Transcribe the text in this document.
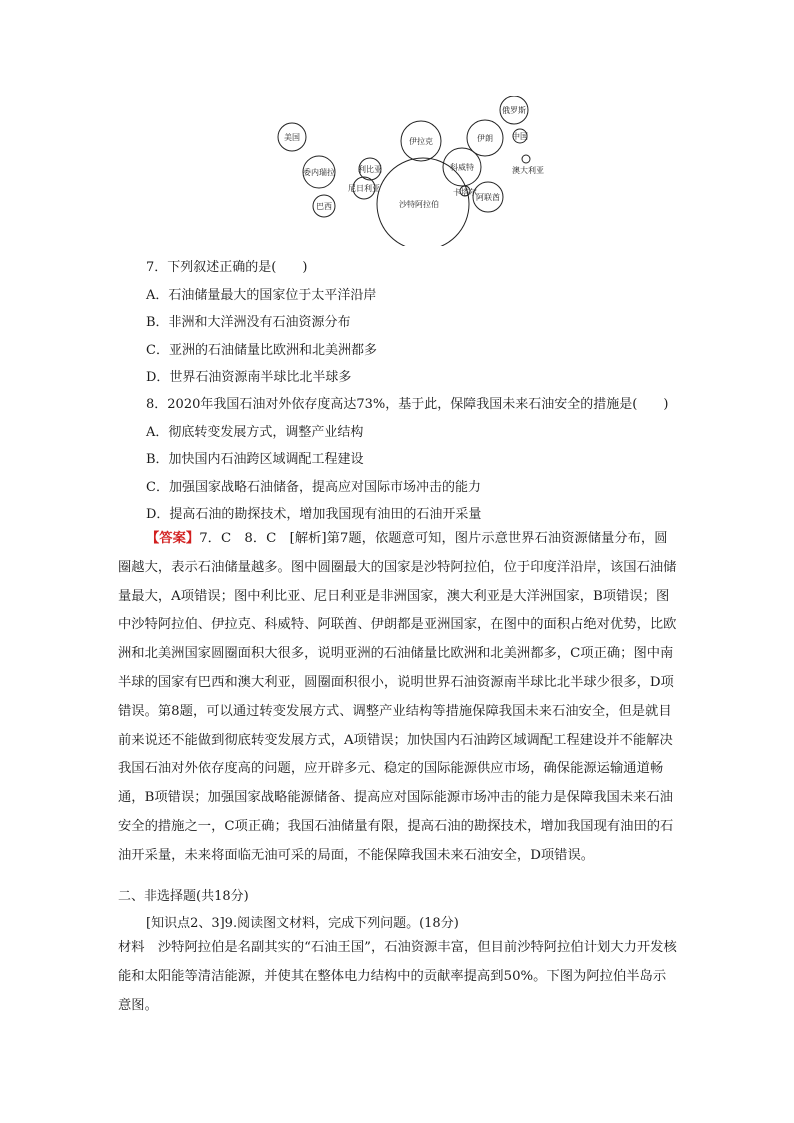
美国
委内瑞拉
巴西
利比亚
尼日利亚
伊拉克
科威特
沙特阿拉伯
卡塔尔
伊朗
俄罗斯
中国
阿联酋
澳大利亚
7．下列叙述正确的是(　　)
A．石油储量最大的国家位于太平洋沿岸
B．非洲和大洋洲没有石油资源分布
C．亚洲的石油储量比欧洲和北美洲都多
D．世界石油资源南半球比北半球多
8．2020年我国石油对外依存度高达73%，基于此，保障我国未来石油安全的措施是(　　)
A．彻底转变发展方式，调整产业结构
B．加快国内石油跨区域调配工程建设
C．加强国家战略石油储备，提高应对国际市场冲击的能力
D．提高石油的勘探技术，增加我国现有油田的石油开采量
【答案】7．C　8．C　[解析]第7题，依题意可知，图片示意世界石油资源储量分布，圆圈越大，表示石油储量越多。图中圆圈最大的国家是沙特阿拉伯，位于印度洋沿岸，该国石油储量最大，A项错误；图中利比亚、尼日利亚是非洲国家，澳大利亚是大洋洲国家，B项错误；图中沙特阿拉伯、伊拉克、科威特、阿联酋、伊朗都是亚洲国家，在图中的面积占绝对优势，比欧洲和北美洲国家圆圈面积大很多，说明亚洲的石油储量比欧洲和北美洲都多，C项正确；图中南半球的国家有巴西和澳大利亚，圆圈面积很小，说明世界石油资源南半球比北半球少很多，D项错误。第8题，可以通过转变发展方式、调整产业结构等措施保障我国未来石油安全，但是就目前来说还不能做到彻底转变发展方式，A项错误；加快国内石油跨区域调配工程建设并不能解决我国石油对外依存度高的问题，应开辟多元、稳定的国际能源供应市场，确保能源运输通道畅通，B项错误；加强国家战略能源储备、提高应对国际能源市场冲击的能力是保障我国未来石油安全的措施之一，C项正确；我国石油储量有限，提高石油的勘探技术，增加我国现有油田的石油开采量，未来将面临无油可采的局面，不能保障我国未来石油安全，D项错误。
二、非选择题(共18分)
[知识点2、3]9.阅读图文材料，完成下列问题。(18分)
材料　沙特阿拉伯是名副其实的“石油王国”，石油资源丰富，但目前沙特阿拉伯计划大力开发核能和太阳能等清洁能源，并使其在整体电力结构中的贡献率提高到50%。下图为阿拉伯半岛示意图。
